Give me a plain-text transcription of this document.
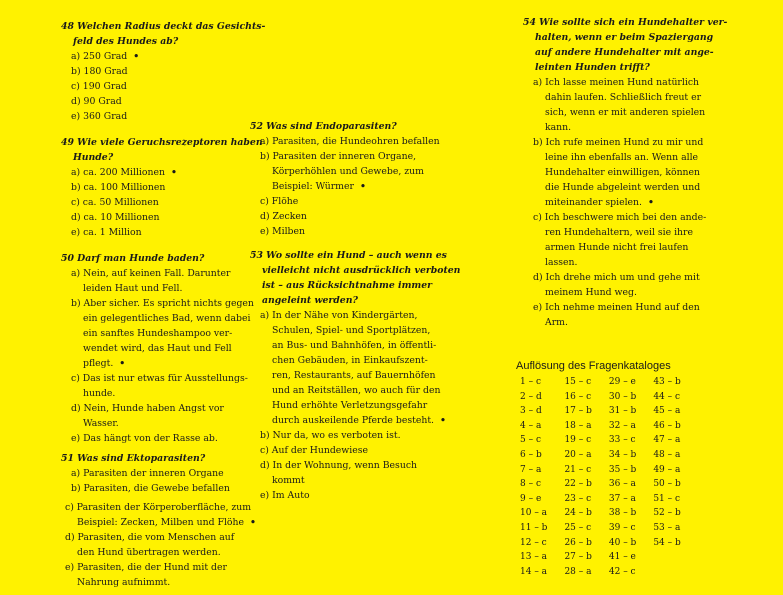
48 Welchen Radius deckt das Gesichts-
feld des Hundes ab?
a) 250 Grad •
b) 180 Grad
c) 190 Grad
d) 90 Grad
e) 360 Grad
49 Wie viele Geruchsrezeptoren haben
Hunde?
a) ca. 200 Millionen •
b) ca. 100 Millionen
c) ca. 50 Millionen
d) ca. 10 Millionen
e) ca. 1 Million
50 Darf man Hunde baden?
a) Nein, auf keinen Fall. Darunter
leiden Haut und Fell.
b) Aber sicher. Es spricht nichts gegen
ein gelegentliches Bad, wenn dabei
ein sanftes Hundeshampoo ver-
wendet wird, das Haut und Fell
pflegt. •
c) Das ist nur etwas für Ausstellungs-
hunde.
d) Nein, Hunde haben Angst vor
Wasser.
e) Das hängt von der Rasse ab.
51 Was sind Ektoparasiten?
a) Parasiten der inneren Organe
b) Parasiten, die Gewebe befallen
c) Parasiten der Körperoberfläche, zum
Beispiel: Zecken, Milben und Flöhe •
d) Parasiten, die vom Menschen auf
den Hund übertragen werden.
e) Parasiten, die der Hund mit der
Nahrung aufnimmt.
52 Was sind Endoparasiten?
a) Parasiten, die Hundeohren befallen
b) Parasiten der inneren Organe,
Körperhöhlen und Gewebe, zum
Beispiel: Würmer •
c) Flöhe
d) Zecken
e) Milben
53 Wo sollte ein Hund – auch wenn es
vielleicht nicht ausdrücklich verboten
ist – aus Rücksichtnahme immer
angeleint werden?
a) In der Nähe von Kindergärten,
Schulen, Spiel- und Sportplätzen,
an Bus- und Bahnhöfen, in öffentli-
chen Gebäuden, in Einkaufszent-
ren, Restaurants, auf Bauernhöfen
und an Reitställen, wo auch für den
Hund erhöhte Verletzungsgefahr
durch auskeilende Pferde besteht. •
b) Nur da, wo es verboten ist.
c) Auf der Hundewiese
d) In der Wohnung, wenn Besuch
kommt
e) Im Auto
54 Wie sollte sich ein Hundehalter ver-
halten, wenn er beim Spaziergang
auf andere Hundehalter mit ange-
leinten Hunden trifft?
a) Ich lasse meinen Hund natürlich
dahin laufen. Schließlich freut er
sich, wenn er mit anderen spielen
kann.
b) Ich rufe meinen Hund zu mir und
leine ihn ebenfalls an. Wenn alle
Hundehalter einwilligen, können
die Hunde abgeleint werden und
miteinander spielen. •
c) Ich beschwere mich bei den ande-
ren Hundehaltern, weil sie ihre
armen Hunde nicht frei laufen
lassen.
d) Ich drehe mich um und gehe mit
meinem Hund weg.
e) Ich nehme meinen Hund auf den
Arm.
Auflösung des Fragenkataloges
1 – c	15 – c	29 – e	43 – b
2 – d	16 – c	30 – b	44 – c
3 – d	17 – b	31 – b	45 – a
4 – a	18 – a	32 – a	46 – b
5 – c	19 – c	33 – c	47 – a
6 – b	20 – a	34 – b	48 – a
7 – a	21 – c	35 – b	49 – a
8 – c	22 – b	36 – a	50 – b
9 – e	23 – c	37 – a	51 – c
10 – a	24 – b	38 – b	52 – b
11 – b	25 – c	39 – c	53 – a
12 – c	26 – b	40 – b	54 – b
13 – a	27 – b	41 – e	
14 – a	28 – a	42 – c	
